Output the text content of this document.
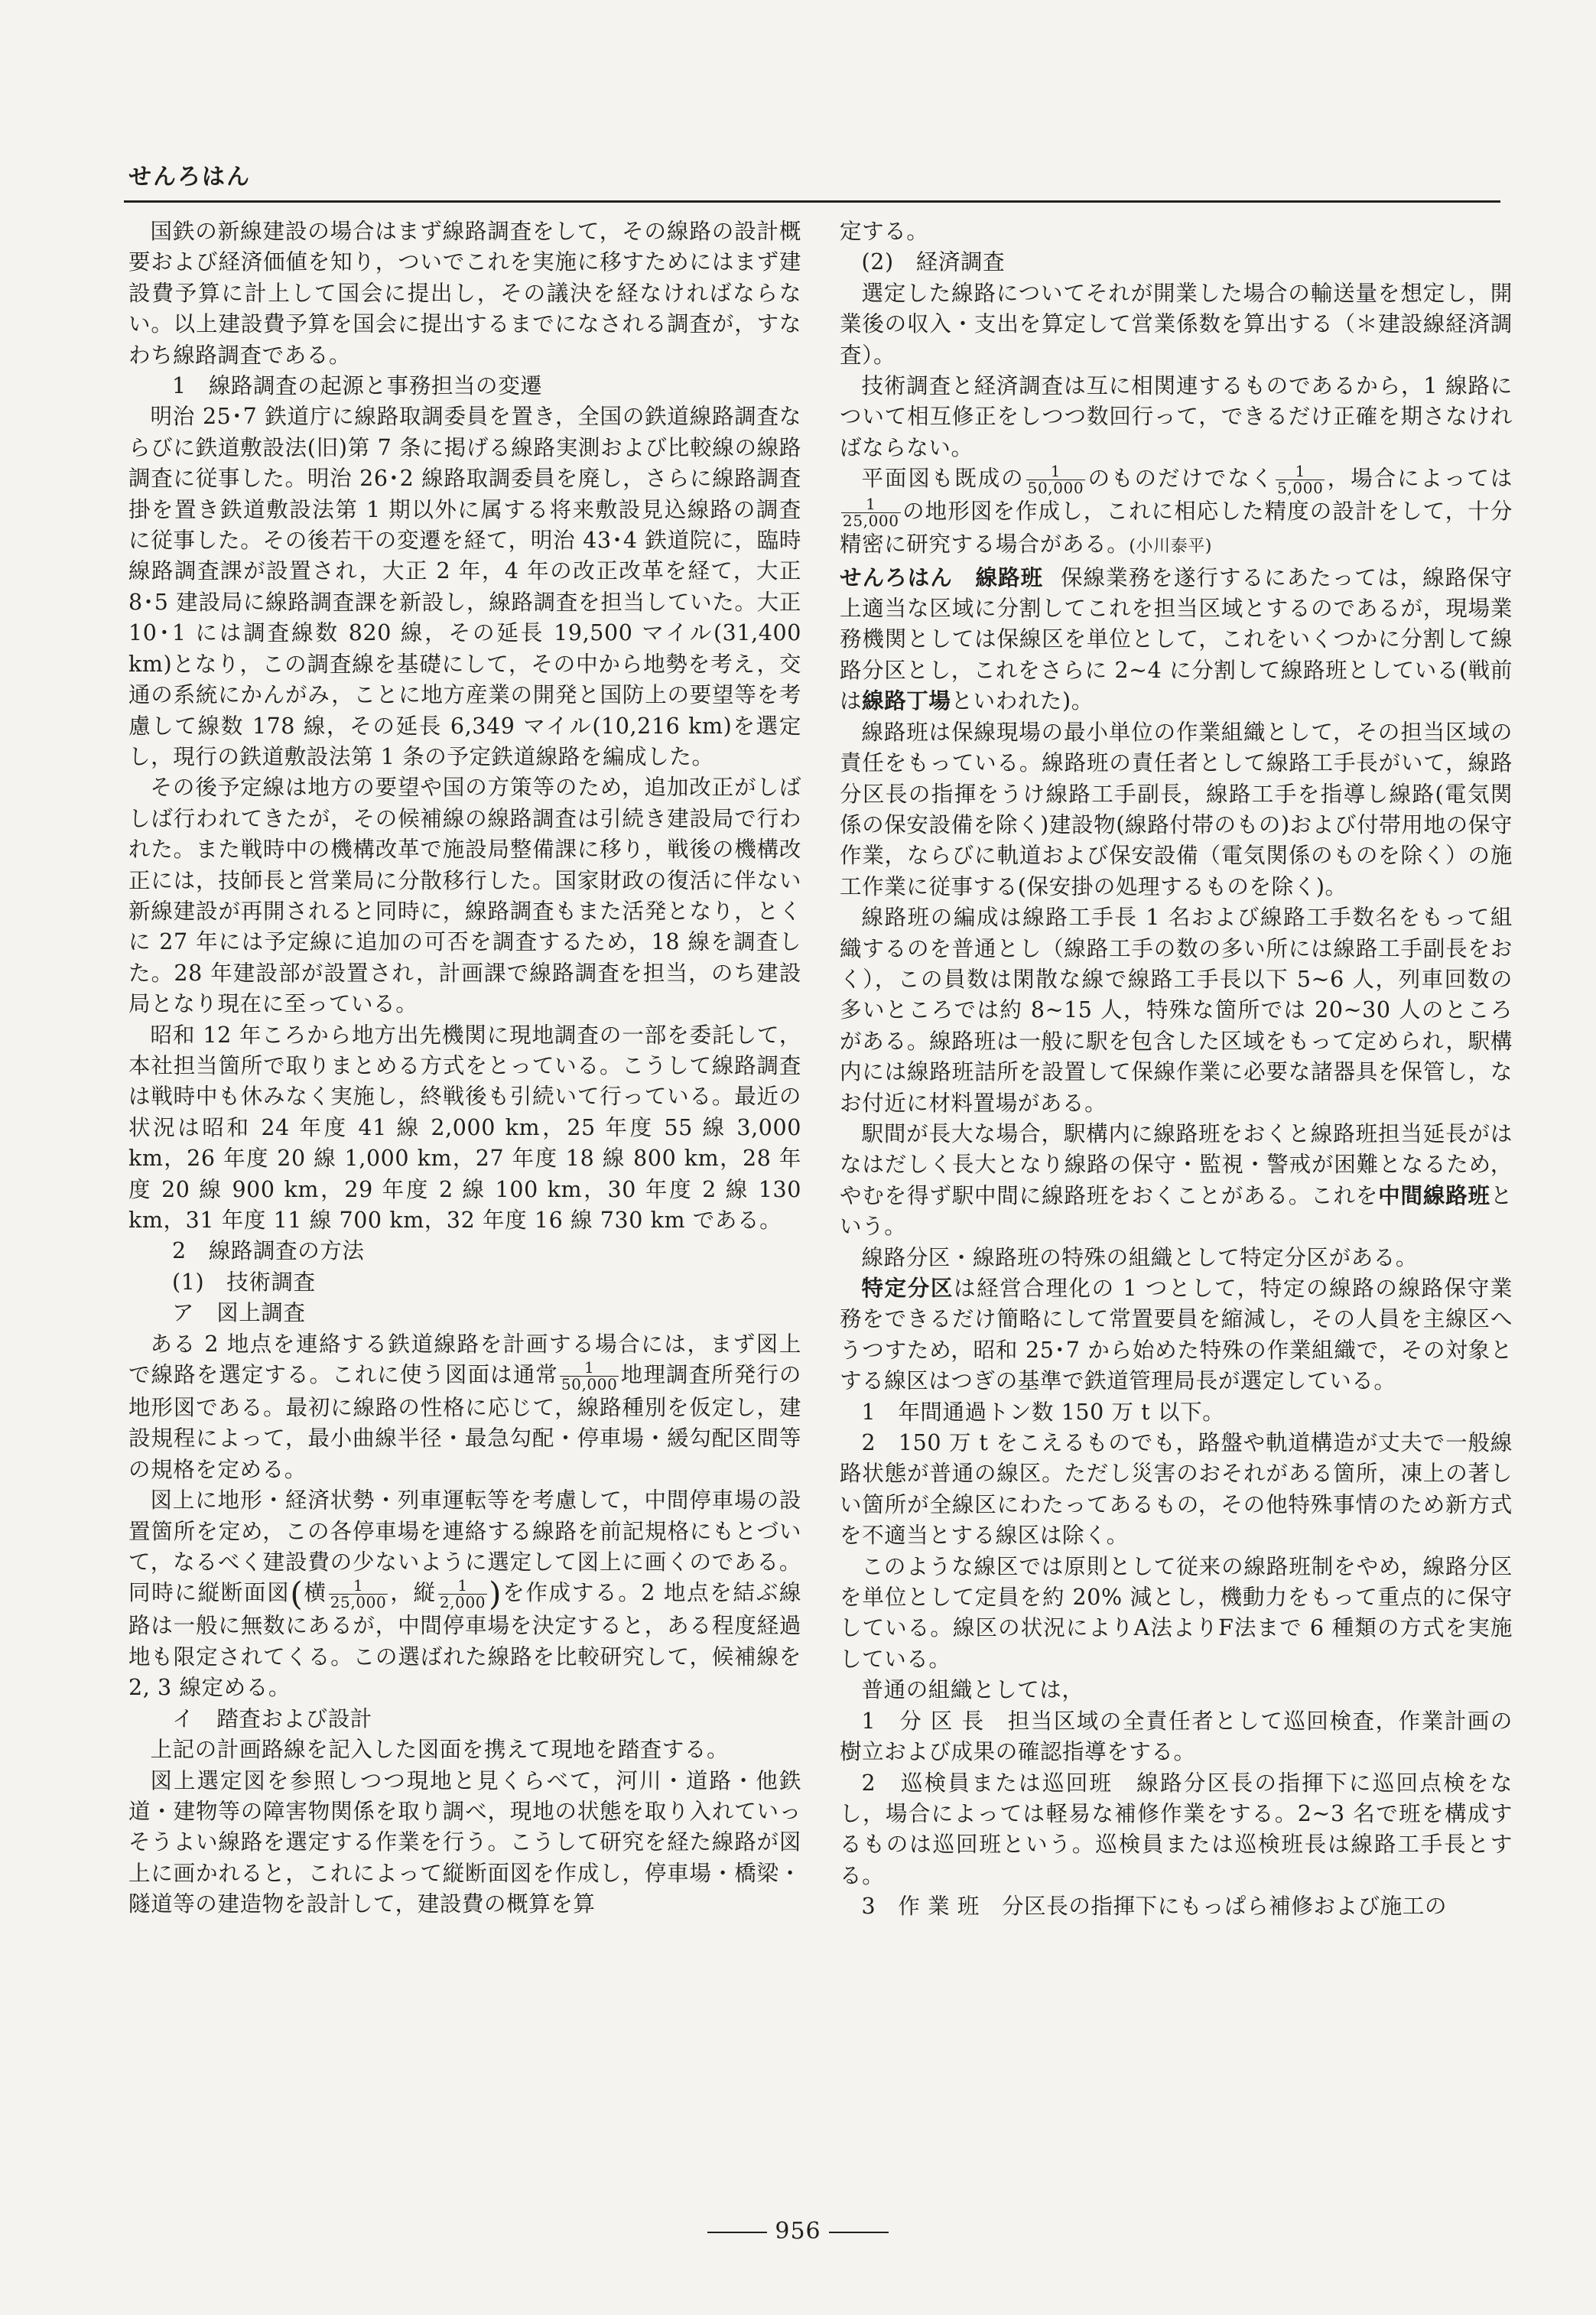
せんろはん

国鉄の新線建設の場合はまず線路調査をして，その線路の設計概要および経済価値を知り，ついでこれを実施に移すためにはまず建設費予算に計上して国会に提出し，その議決を経なければならない。以上建設費予算を国会に提出するまでになされる調査が，すなわち線路調査である。

1　線路調査の起源と事務担当の変遷

明治 25･7 鉄道庁に線路取調委員を置き，全国の鉄道線路調査ならびに鉄道敷設法(旧)第 7 条に掲げる線路実測および比較線の線路調査に従事した。明治 26･2 線路取調委員を廃し，さらに線路調査掛を置き鉄道敷設法第 1 期以外に属する将来敷設見込線路の調査に従事した。その後若干の変遷を経て，明治 43･4 鉄道院に，臨時線路調査課が設置され，大正 2 年，4 年の改正改革を経て，大正 8･5 建設局に線路調査課を新設し，線路調査を担当していた。大正 10･1 には調査線数 820 線，その延長 19,500 マイル(31,400 km)となり，この調査線を基礎にして，その中から地勢を考え，交通の系統にかんがみ，ことに地方産業の開発と国防上の要望等を考慮して線数 178 線，その延長 6,349 マイル(10,216 km)を選定し，現行の鉄道敷設法第 1 条の予定鉄道線路を編成した。

その後予定線は地方の要望や国の方策等のため，追加改正がしばしば行われてきたが，その候補線の線路調査は引続き建設局で行われた。また戦時中の機構改革で施設局整備課に移り，戦後の機構改正には，技師長と営業局に分散移行した。国家財政の復活に伴ない新線建設が再開されると同時に，線路調査もまた活発となり，とくに 27 年には予定線に追加の可否を調査するため，18 線を調査した。28 年建設部が設置され，計画課で線路調査を担当，のち建設局となり現在に至っている。

昭和 12 年ころから地方出先機関に現地調査の一部を委託して，本社担当箇所で取りまとめる方式をとっている。こうして線路調査は戦時中も休みなく実施し，終戦後も引続いて行っている。最近の状況は昭和 24 年度 41 線 2,000 km，25 年度 55 線 3,000 km，26 年度 20 線 1,000 km，27 年度 18 線 800 km，28 年度 20 線 900 km，29 年度 2 線 100 km，30 年度 2 線 130 km，31 年度 11 線 700 km，32 年度 16 線 730 km である。

2　線路調査の方法

(1)　技術調査

ア　図上調査

ある 2 地点を連絡する鉄道線路を計画する場合には，まず図上で線路を選定する。これに使う図面は通常 $\frac{1}{50,000}$ 地理調査所発行の地形図である。最初に線路の性格に応じて，線路種別を仮定し，建設規程によって，最小曲線半径・最急勾配・停車場・緩勾配区間等の規格を定める。

図上に地形・経済状勢・列車運転等を考慮して，中間停車場の設置箇所を定め，この各停車場を連絡する線路を前記規格にもとづいて，なるべく建設費の少ないように選定して図上に画くのである。同時に縦断面図(横 $\frac{1}{25,000}$ ，縦 $\frac{1}{2,000}$ )を作成する。2 地点を結ぶ線路は一般に無数にあるが，中間停車場を決定すると，ある程度経過地も限定されてくる。この選ばれた線路を比較研究して，候補線を 2, 3 線定める。

イ　踏査および設計

上記の計画路線を記入した図面を携えて現地を踏査する。

図上選定図を参照しつつ現地と見くらべて，河川・道路・他鉄道・建物等の障害物関係を取り調べ，現地の状態を取り入れていっそうよい線路を選定する作業を行う。こうして研究を経た線路が図上に画かれると，これによって縦断面図を作成し，停車場・橋梁・隧道等の建造物を設計して，建設費の概算を算

定する。

(2)　経済調査

選定した線路についてそれが開業した場合の輸送量を想定し，開業後の収入・支出を算定して営業係数を算出する（＊建設線経済調査）。

技術調査と経済調査は互に相関連するものであるから，1 線路について相互修正をしつつ数回行って，できるだけ正確を期さなければならない。

平面図も既成の $\frac{1}{50,000}$ のものだけでなく $\frac{1}{5,000}$ ，場合によっては
$\frac{1}{25,000}$ の地形図を作成し，これに相応した精度の設計をして，十分精密に研究する場合がある。(小川泰平)

せんろはん　線路班 保線業務を遂行するにあたっては，線路保守上適当な区域に分割してこれを担当区域とするのであるが，現場業務機関としては保線区を単位として，これをいくつかに分割して線路分区とし，これをさらに 2~4 に分割して線路班としている(戦前は線路丁場といわれた)。

線路班は保線現場の最小単位の作業組織として，その担当区域の責任をもっている。線路班の責任者として線路工手長がいて，線路分区長の指揮をうけ線路工手副長，線路工手を指導し線路(電気関係の保安設備を除く)建設物(線路付帯のもの)および付帯用地の保守作業，ならびに軌道および保安設備（電気関係のものを除く）の施工作業に従事する(保安掛の処理するものを除く)。

線路班の編成は線路工手長 1 名および線路工手数名をもって組織するのを普通とし（線路工手の数の多い所には線路工手副長をおく），この員数は閑散な線で線路工手長以下 5~6 人，列車回数の多いところでは約 8~15 人，特殊な箇所では 20~30 人のところがある。線路班は一般に駅を包含した区域をもって定められ，駅構内には線路班詰所を設置して保線作業に必要な諸器具を保管し，なお付近に材料置場がある。

駅間が長大な場合，駅構内に線路班をおくと線路班担当延長がはなはだしく長大となり線路の保守・監視・警戒が困難となるため，やむを得ず駅中間に線路班をおくことがある。これを中間線路班という。

線路分区・線路班の特殊の組織として特定分区がある。

特定分区は経営合理化の 1 つとして，特定の線路の線路保守業務をできるだけ簡略にして常置要員を縮減し，その人員を主線区へうつすため，昭和 25･7 から始めた特殊の作業組織で，その対象とする線区はつぎの基準で鉄道管理局長が選定している。

1　年間通過トン数 150 万 t 以下。

2　150 万 t をこえるものでも，路盤や軌道構造が丈夫で一般線路状態が普通の線区。ただし災害のおそれがある箇所，凍上の著しい箇所が全線区にわたってあるもの，その他特殊事情のため新方式を不適当とする線区は除く。

このような線区では原則として従来の線路班制をやめ，線路分区を単位として定員を約 20% 減とし，機動力をもって重点的に保守している。線区の状況によりA法よりF法まで 6 種類の方式を実施している。

普通の組織としては，

1　分 区 長　担当区域の全責任者として巡回検査，作業計画の樹立および成果の確認指導をする。

2　巡検員または巡回班　線路分区長の指揮下に巡回点検をなし，場合によっては軽易な補修作業をする。2~3 名で班を構成するものは巡回班という。巡検員または巡検班長は線路工手長とする。

3　作 業 班　分区長の指揮下にもっぱら補修および施工の

956
